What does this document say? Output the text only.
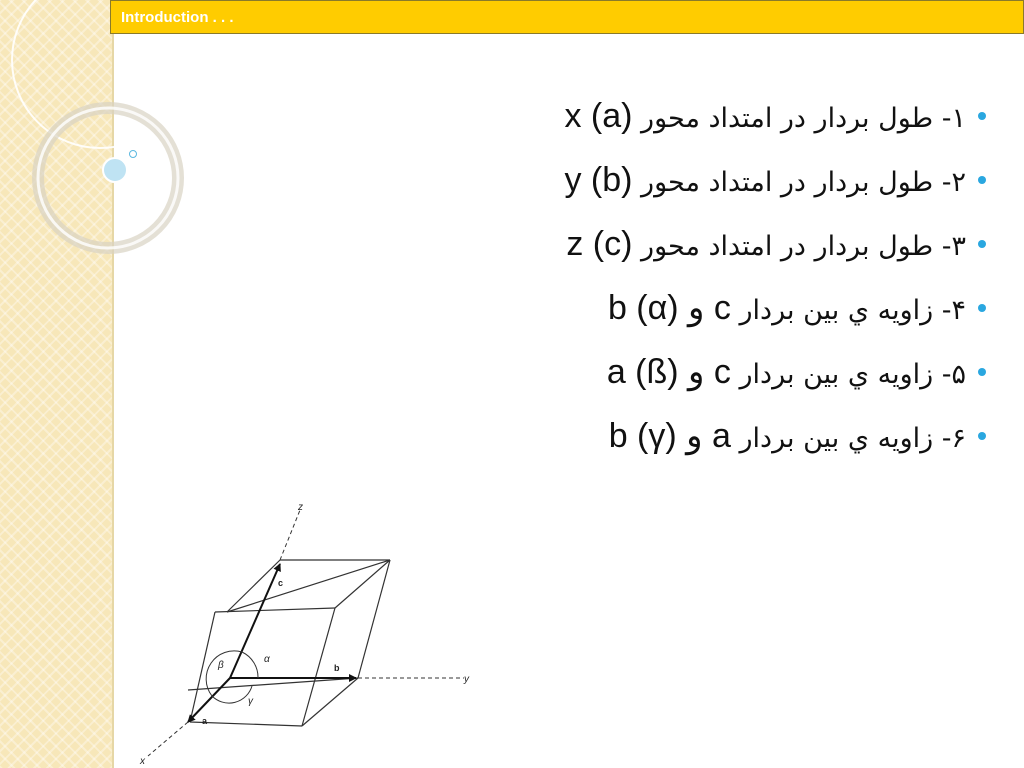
Introduction . . .
۱- طول بردار در امتداد محور x (a)
۲- طول بردار در امتداد محور y (b)
۳- طول بردار در امتداد محور z (c)
۴- زاويه ي بين بردار c و b (α)
۵- زاويه ي بين بردار c و a (ß)
۶- زاويه ي بين بردار a و b (γ)
z
y
x
c
b
a
α
β
γ
